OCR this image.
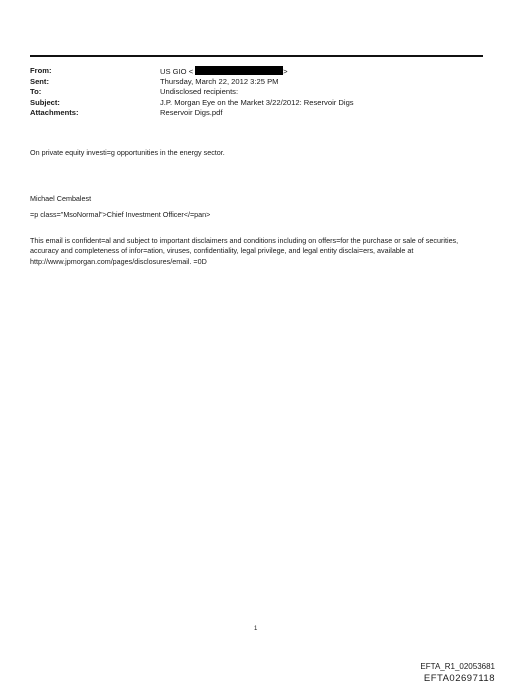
From:	US GIO <	>
Sent:	Thursday, March 22, 2012 3:25 PM
To:	Undisclosed recipients:
Subject:	J.P. Morgan Eye on the Market 3/22/2012: Reservoir Digs
Attachments:	Reservoir Digs.pdf

On private equity investi=g opportunities in the energy sector.

Michael Cembalest

=p class="MsoNormal">Chief Investment Officer</=pan>

This email is confident=al and subject to important disclaimers and conditions including on offers=for the purchase or sale of securities, accuracy and completeness of infor=ation, viruses, confidentiality, legal privilege, and legal entity disclai=ers, available at http://www.jpmorgan.com/pages/disclosures/email. =0D

1
EFTA_R1_02053681
EFTA02697118
